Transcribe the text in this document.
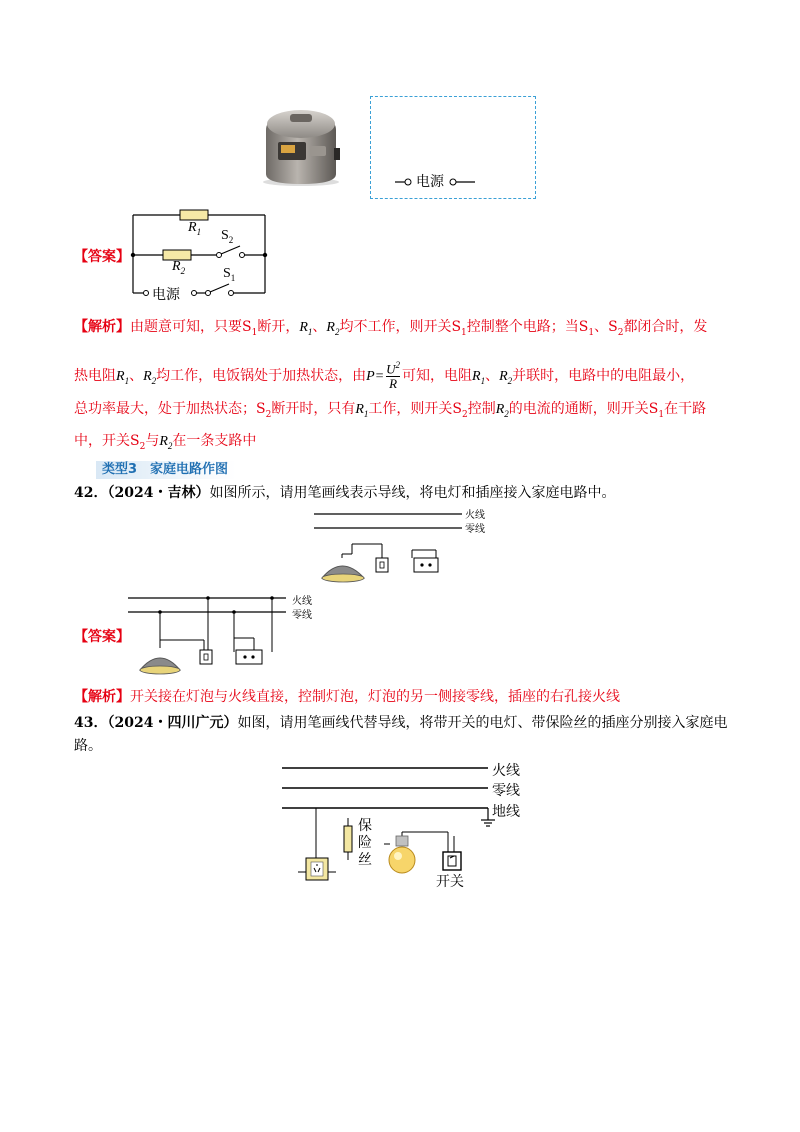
电源
【答案】
$R_1$ $S_2$
$R_2$	$S_1$
电源
【解析】由题意可知，只要$S_1$断开，$R_1$、$R_2$均不工作，则开关$S_1$控制整个电路；当$S_1$、$S_2$都闭合时，发
热电阻$R_1$、$R_2$均工作，电饭锅处于加热状态，由$P= \frac{U^2}{R}$ 可知，电阻$R_1$、$R_2$并联时，电路中的电阻最小，
总功率最大，处于加热状态；$S_2$断开时，只有$R_1$工作，则开关$S_2$控制$R_2$的电流的通断，则开关$S_1$在干路
中，开关$S_2$与$R_2$在一条支路中
类型3　家庭电路作图
42．（2024・吉林）如图所示，请用笔画线表示导线，将电灯和插座接入家庭电路中。
火线
零线
【答案】
火线
零线
【解析】开关接在灯泡与火线直接，控制灯泡，灯泡的另一侧接零线，插座的右孔接火线
43．（2024・四川广元）如图，请用笔画线代替导线，将带开关的电灯、带保险丝的插座分别接入家庭电
路。
火线
零线
地线
保险丝
开关
